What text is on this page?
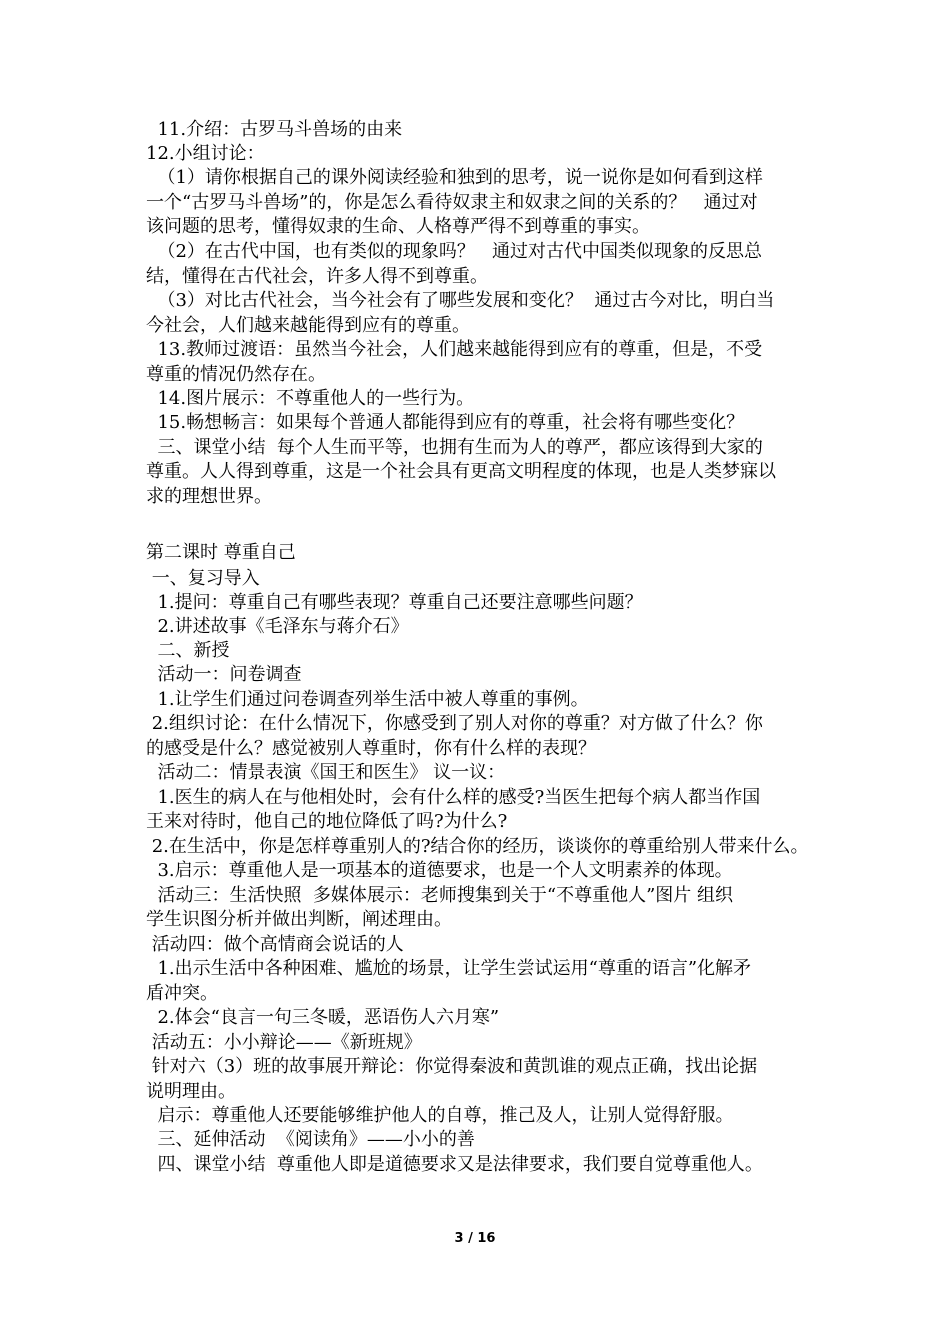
11.介绍：古罗马斗兽场的由来
12.小组讨论：
（1）请你根据自己的课外阅读经验和独到的思考，说一说你是如何看到这样
一个“古罗马斗兽场”的，你是怎么看待奴隶主和奴隶之间的关系的？   通过对
该问题的思考，懂得奴隶的生命、人格尊严得不到尊重的事实。
（2）在古代中国，也有类似的现象吗？   通过对古代中国类似现象的反思总
结，懂得在古代社会，许多人得不到尊重。
（3）对比古代社会，当今社会有了哪些发展和变化？  通过古今对比，明白当
今社会，人们越来越能得到应有的尊重。
13.教师过渡语：虽然当今社会，人们越来越能得到应有的尊重，但是，不受
尊重的情况仍然存在。
14.图片展示：不尊重他人的一些行为。
15.畅想畅言：如果每个普通人都能得到应有的尊重，社会将有哪些变化？
三、课堂小结  每个人生而平等，也拥有生而为人的尊严，都应该得到大家的
尊重。人人得到尊重，这是一个社会具有更高文明程度的体现，也是人类梦寐以
求的理想世界。
第二课时 尊重自己
一、复习导入
1.提问：尊重自己有哪些表现？尊重自己还要注意哪些问题？
2.讲述故事《毛泽东与蒋介石》
二、新授
活动一：问卷调查
1.让学生们通过问卷调查列举生活中被人尊重的事例。
2.组织讨论：在什么情况下，你感受到了别人对你的尊重？对方做了什么？你
的感受是什么？感觉被别人尊重时，你有什么样的表现？
活动二：情景表演《国王和医生》 议一议：
1.医生的病人在与他相处时，会有什么样的感受?当医生把每个病人都当作国
王来对待时，他自己的地位降低了吗?为什么?
2.在生活中，你是怎样尊重别人的?结合你的经历，谈谈你的尊重给别人带来什么。
3.启示：尊重他人是一项基本的道德要求，也是一个人文明素养的体现。
活动三：生活快照  多媒体展示：老师搜集到关于“不尊重他人”图片 组织
学生识图分析并做出判断，阐述理由。
活动四：做个高情商会说话的人
1.出示生活中各种困难、尴尬的场景，让学生尝试运用“尊重的语言”化解矛
盾冲突。
2.体会“良言一句三冬暖，恶语伤人六月寒”
活动五：小小辩论——《新班规》
针对六（3）班的故事展开辩论：你觉得秦波和黄凯谁的观点正确，找出论据
说明理由。
启示：尊重他人还要能够维护他人的自尊，推己及人，让别人觉得舒服。
三、延伸活动  《阅读角》——小小的善
四、课堂小结  尊重他人即是道德要求又是法律要求，我们要自觉尊重他人。
3 / 16
